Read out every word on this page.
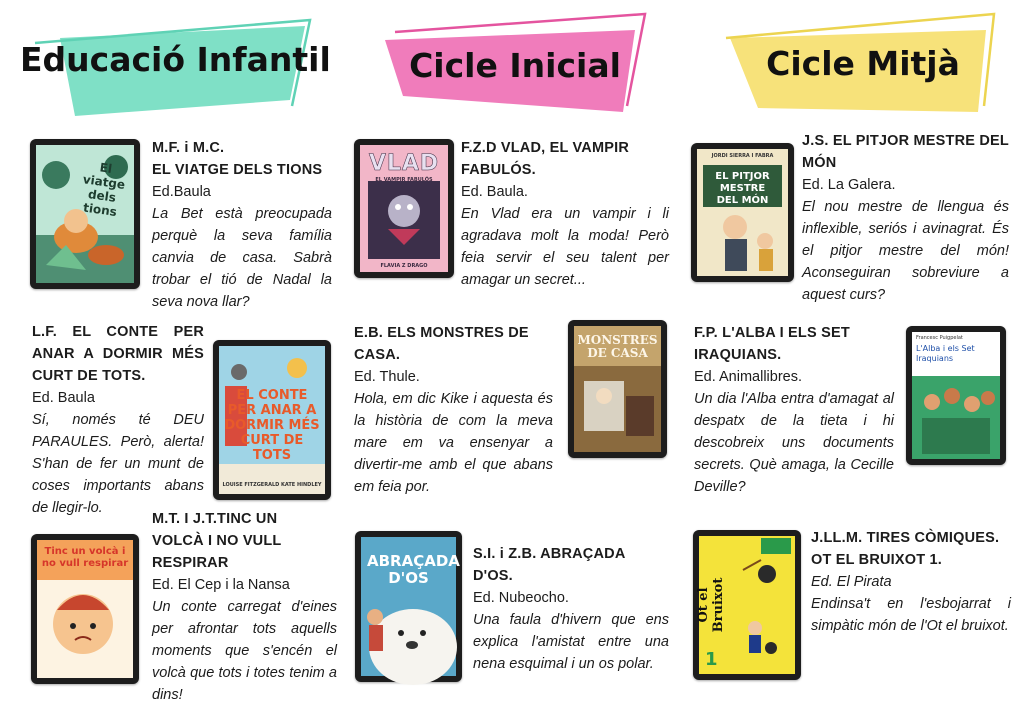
Educació Infantil	Cicle Inicial	Cicle Mitjà
El viatge dels tions
M.F. i M.C.
EL VIATGE DELS TIONS
Ed.Baula
La Bet està preocupada perquè la seva família canvia de casa. Sabrà trobar el tió de Nadal la seva nova llar?
L.F. EL CONTE PER
ANAR A DORMIR MÉS
CURT DE TOTS.
Ed. Baula
Sí, només té DEU PARAULES. Però, alerta! S'han de fer un munt de coses importants abans de llegir-lo.
EL CONTE PER ANAR A DORMIR MÉS CURT DE TOTS
LOUISE FITZGERALD KATE HINDLEY
M.T. I J.T.TINC UN
VOLCÀ I NO VULL
RESPIRAR
Ed. El Cep i la Nansa
Un conte carregat d'eines per afrontar tots aquells moments que s'encén el volcà que tots i totes tenim a dins!
Tinc un volcà i no vull respirar
VLAD
EL VAMPIR FABULÓS
FLAVIA Z DRAGO
F.Z.D VLAD, EL VAMPIR
FABULÓS.
Ed. Baula.
En Vlad era un vampir i li agradava molt la moda! Però feia servir el seu talent per amagar un secret...
E.B. ELS MONSTRES DE
CASA.
Ed. Thule.
Hola, em dic Kike i aquesta és la història de com la meva mare em va ensenyar a divertir-me amb el que abans em feia por.
MONSTRES DE CASA
ABRAÇADA D'OS
S.I. i Z.B. ABRAÇADA
D'OS.
Ed. Nubeocho.
Una faula d'hivern que ens explica l'amistat entre una nena esquimal i un os polar.
JORDI SIERRA I FABRA
EL PITJOR MESTRE DEL MÓN
J.S. EL PITJOR MESTRE DEL
MÓN
Ed. La Galera.
El nou mestre de llengua és inflexible, seriós i avinagrat. És el pitjor mestre del món! Aconseguiran sobreviure a aquest curs?
F.P. L'ALBA I ELS SET
IRAQUIANS.
Ed. Animallibres.
Un dia l'Alba entra d'amagat al despatx de la tieta i hi descobreix uns documents secrets. Què amaga, la Cecille Deville?
Francesc Puigpelat
L'Alba i els Set Iraquians
Ot el Bruixot
1
J.LL.M. TIRES CÒMIQUES.
OT EL BRUIXOT 1.
Ed. El Pirata
Endinsa't en l'esbojarrat i simpàtic món de l'Ot el bruixot.
